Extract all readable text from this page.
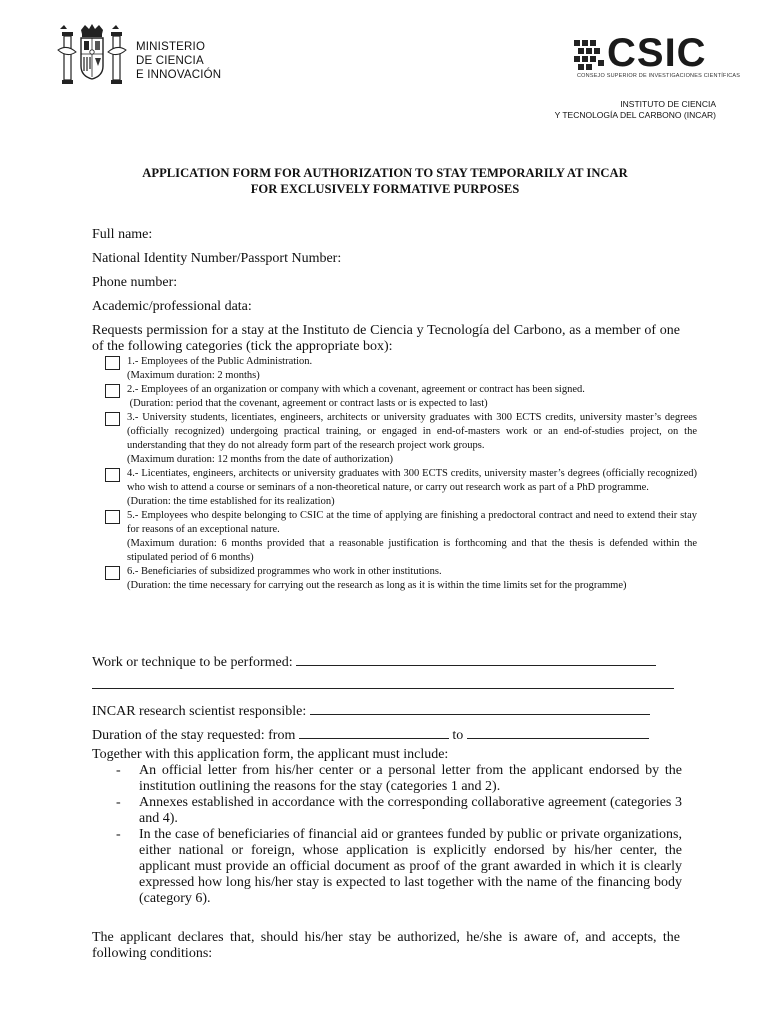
MINISTERIO
DE CIENCIA
E INNOVACIÓN	CSIC
CONSEJO SUPERIOR DE INVESTIGACIONES CIENTÍFICAS
INSTITUTO DE CIENCIA
Y TECNOLOGÍA DEL CARBONO (INCAR)
APPLICATION FORM FOR AUTHORIZATION TO STAY TEMPORARILY AT INCAR
FOR EXCLUSIVELY FORMATIVE PURPOSES
Full name:
National Identity Number/Passport Number:
Phone number:
Academic/professional data:
Requests permission for a stay at the Instituto de Ciencia y Tecnología del Carbono, as a member of one of the following categories (tick the appropriate box):

1.- Employees of the Public Administration.

(Maximum duration: 2 months)

2.- Employees of an organization or company with which a covenant, agreement or contract has been signed.

(Duration: period that the covenant, agreement or contract lasts or is expected to last)

3.- University students, licentiates, engineers, architects or university graduates with 300 ECTS credits, university master’s degrees (officially recognized) undergoing practical training, or engaged in end-of-masters work or an end-of-studies project, on the understanding that they do not already form part of the research project work groups.

(Maximum duration: 12 months from the date of authorization)

4.- Licentiates, engineers, architects or university graduates with 300 ECTS credits, university master’s degrees (officially recognized) who wish to attend a course or seminars of a non-theoretical nature, or carry out research work as part of a PhD programme.

(Duration: the time established for its realization)

5.- Employees who despite belonging to CSIC at the time of applying are finishing a predoctoral contract and need to extend their stay for reasons of an exceptional nature.

(Maximum duration: 6 months provided that a reasonable justification is forthcoming and that the thesis is defended within the stipulated period of 6 months)

6.- Beneficiaries of subsidized programmes who work in other institutions.

(Duration: the time necessary for carrying out the research as long as it is within the time limits set for the programme)

Work or technique to be performed:
INCAR research scientist responsible:
Duration of the stay requested: from	to
Together with this application form, the applicant must include:
- An official letter from his/her center or a personal letter from the applicant endorsed by the institution outlining the reasons for the stay (categories 1 and 2).
- Annexes established in accordance with the corresponding collaborative agreement (categories 3 and 4).
- In the case of beneficiaries of financial aid or grantees funded by public or private organizations, either national or foreign, whose application is explicitly endorsed by his/her center, the applicant must provide an official document as proof of the grant awarded in which it is clearly expressed how long his/her stay is expected to last together with the name of the financing body (category 6).
The applicant declares that, should his/her stay be authorized, he/she is aware of, and accepts, the following conditions:
